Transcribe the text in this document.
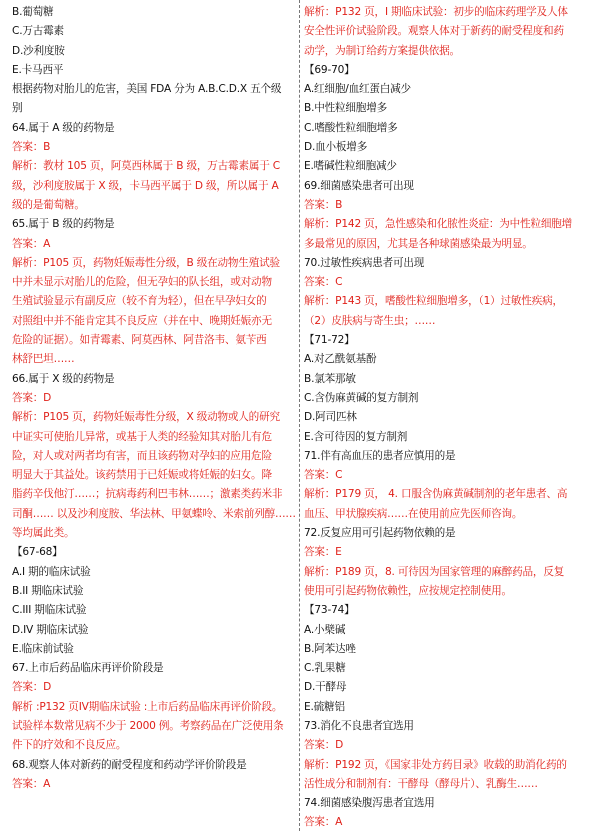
B.葡萄糖
C.万古霉素
D.沙利度胺
E.卡马西平
根据药物对胎儿的危害，美国 FDA 分为 A.B.C.D.X 五个级
别
64.属于 A 级的药物是
答案：B
解析：教材 105 页，阿莫西林属于 B 级，万古霉素属于 C
级，沙利度胺属于 X 级，卡马西平属于 D 级，所以属于 A
级的是葡萄糖。
65.属于 B 级的药物是
答案：A
解析：P105 页，药物妊娠毒性分级，B 级在动物生殖试验
中并未显示对胎儿的危险，但无孕妇的队长组，或对动物
生殖试验显示有副反应（较不育为轻），但在早孕妇女的
对照组中并不能肯定其不良反应（并在中、晚期妊娠亦无
危险的证据）。如青霉素、阿莫西林、阿昔洛韦、氨苄西
林舒巴坦……
66.属于 X 级的药物是
答案：D
解析：P105 页，药物妊娠毒性分级，X 级动物或人的研究
中证实可使胎儿异常，或基于人类的经验知其对胎儿有危
险，对人或对两者均有害，而且该药物对孕妇的应用危险
明显大于其益处。该药禁用于已妊娠或将妊娠的妇女。降
脂药辛伐他汀……；抗病毒药利巴韦林……；激素类药米非
司酮…… 以及沙利度胺、华法林、甲氨蝶呤、米索前列醇……
等均属此类。
【67-68】
A.I 期的临床试验
B.II 期临床试验
C.III 期临床试验
D.IV 期临床试验
E.临床前试验
67.上市后药品临床再评价阶段是
答案：D
解析 :P132 页IV期临床试验 :上市后药品临床再评价阶段。
试验样本数常见病不少于 2000 例。考察药品在广泛使用条
件下的疗效和不良反应。
68.观察人体对新药的耐受程度和药动学评价阶段是
答案：A
解析：P132 页，I 期临床试验：初步的临床药理学及人体
安全性评价试验阶段。观察人体对于新药的耐受程度和药
动学，为制订给药方案提供依据。
【69-70】
A.红细胞/血红蛋白减少
B.中性粒细胞增多
C.嗜酸性粒细胞增多
D.血小板增多
E.嗜碱性粒细胞减少
69.细菌感染患者可出现
答案：B
解析：P142 页，急性感染和化脓性炎症：为中性粒细胞增
多最常见的原因，尤其是各种球菌感染最为明显。
70.过敏性疾病患者可出现
答案：C
解析：P143 页，嗜酸性粒细胞增多，（1）过敏性疾病，
（2）皮肤病与寄生虫；……
【71-72】
A.对乙酰氨基酚
B.氯苯那敏
C.含伪麻黄碱的复方制剂
D.阿司匹林
E.含可待因的复方制剂
71.伴有高血压的患者应慎用的是
答案：C
解析：P179 页， 4. 口服含伪麻黄碱制剂的老年患者、高
血压、甲状腺疾病……在使用前应先医师咨询。
72.反复应用可引起药物依赖的是
答案：E
解析：P189 页，8. 可待因为国家管理的麻醉药品，反复
使用可引起药物依赖性，应按规定控制使用。
【73-74】
A.小檗碱
B.阿苯达唑
C.乳果糖
D.干酵母
E.硫糖铝
73.消化不良患者宜选用
答案：D
解析：P192 页，《国家非处方药目录》收载的助消化药的
活性成分和制剂有：干酵母（酵母片）、乳酶生……
74.细菌感染腹泻患者宜选用
答案：A
